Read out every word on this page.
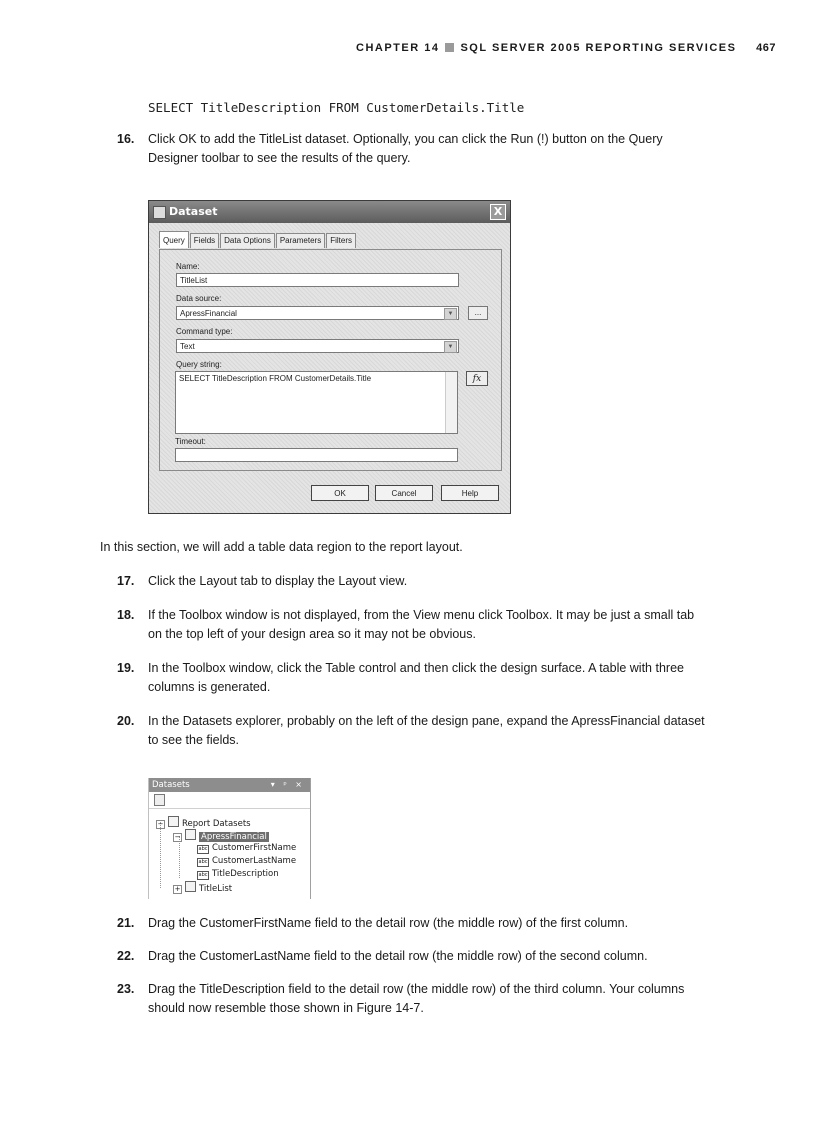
CHAPTER 14 SQL SERVER 2005 REPORTING SERVICES 467
SELECT TitleDescription FROM CustomerDetails.Title
16.	Click OK to add the TitleList dataset. Optionally, you can click the Run (!) button on the Query Designer toolbar to see the results of the query.
Dataset	X
Query Fields Data Options Parameters Filters
Name:
TitleList
Data source:
ApressFinancial	▼	...
Command type:
Text	▼
Query string:
SELECT TitleDescription FROM CustomerDetails.Title	fx
Timeout:
OK	Cancel	Help
In this section, we will add a table data region to the report layout.
17.	Click the Layout tab to display the Layout view.
18.	If the Toolbox window is not displayed, from the View menu click Toolbox. It may be just a small tab on the top left of your design area so it may not be obvious.
19.	In the Toolbox window, click the Table control and then click the design surface. A table with three columns is generated.
20.	In the Datasets explorer, probably on the left of the design pane, expand the ApressFinancial dataset to see the fields.
Datasets	▾ ᵖ ×
− Report Datasets
− ApressFinancial
abc CustomerFirstName
abc CustomerLastName
abc TitleDescription
+ TitleList
21.	Drag the CustomerFirstName field to the detail row (the middle row) of the first column.
22.	Drag the CustomerLastName field to the detail row (the middle row) of the second column.
23.	Drag the TitleDescription field to the detail row (the middle row) of the third column. Your columns should now resemble those shown in Figure 14-7.
